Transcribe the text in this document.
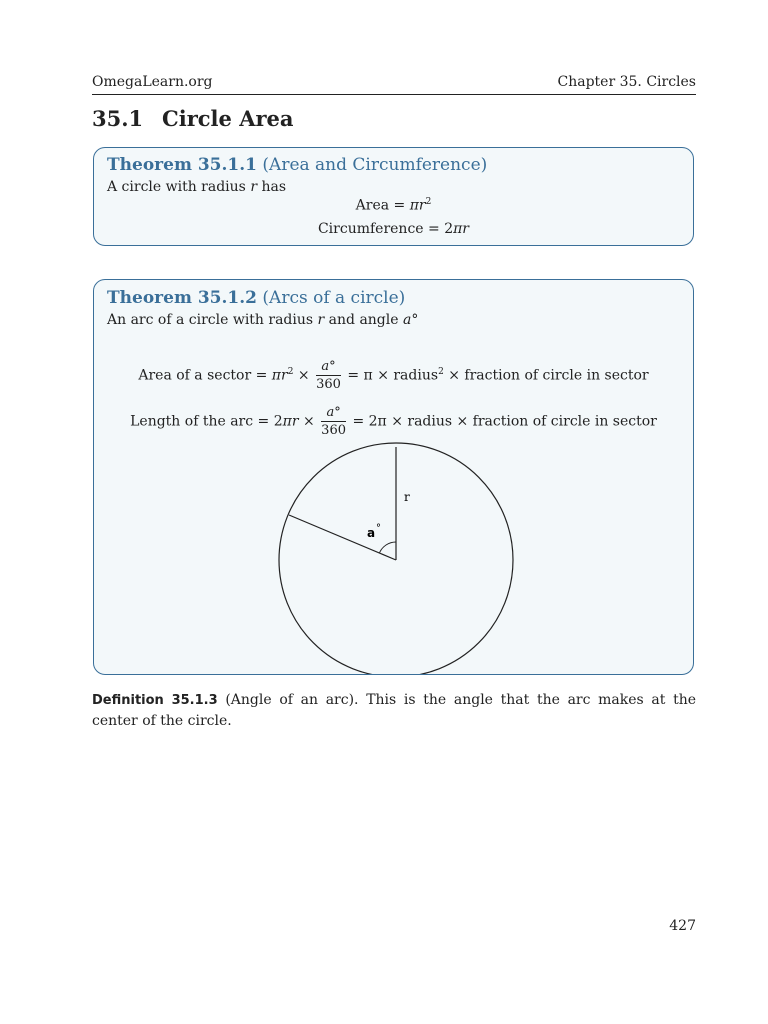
OmegaLearn.org	Chapter 35. Circles
35.1 Circle Area
Theorem 35.1.1 (Area and Circumference)
A circle with radius r has
Area = $\pi r^2$
Circumference = 2πr
Theorem 35.1.2 (Arcs of a circle)
An arc of a circle with radius r and angle a°
Area of a sector = $\pi r^2 \times \frac{a^\circ}{360} = \pi$ × radius$^2$ × fraction of circle in sector
Length of the arc = $2\pi r \times \frac{a^\circ}{360} = 2\pi$ × radius × fraction of circle in sector
r
a °
Definition 35.1.3 (Angle of an arc). This is the angle that the arc makes at the center of the circle.
427
